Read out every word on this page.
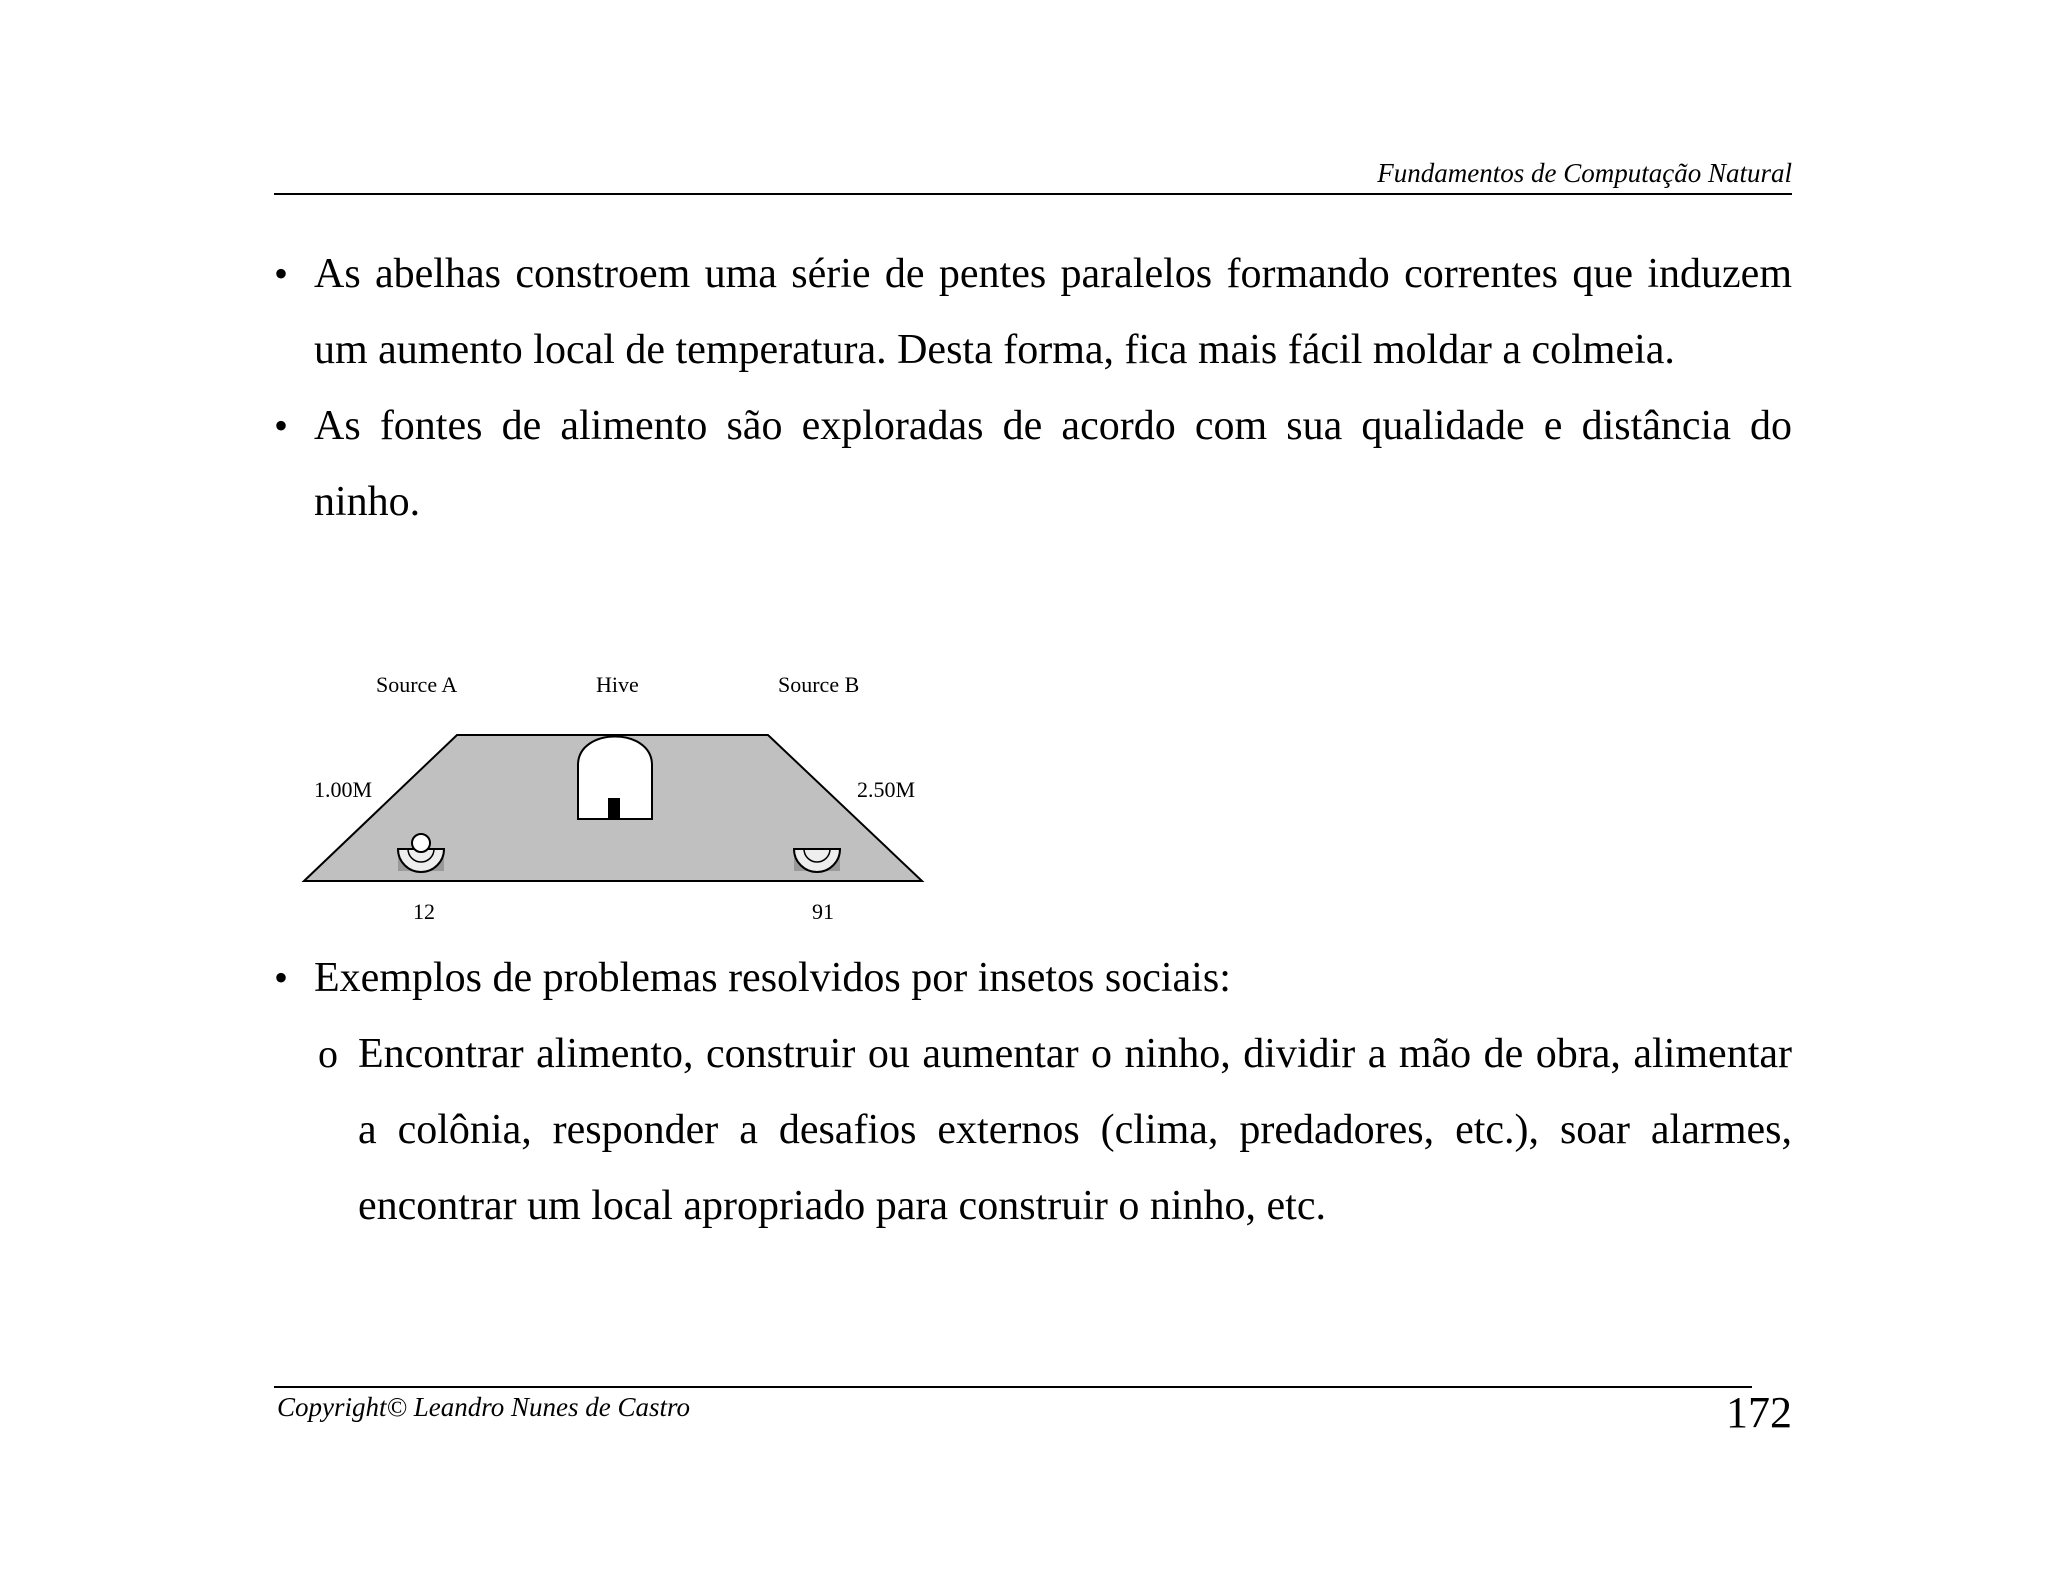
Fundamentos de Computação Natural
• As abelhas constroem uma série de pentes paralelos formando correntes que induzem um aumento local de temperatura. Desta forma, fica mais fácil moldar a colmeia.
• As fontes de alimento são exploradas de acordo com sua qualidade e distância do ninho.
Source A	Hive	Source B
1.00M	2.50M
12	91
• Exemplos de problemas resolvidos por insetos sociais:
o Encontrar alimento, construir ou aumentar o ninho, dividir a mão de obra, alimentar a colônia, responder a desafios externos (clima, predadores, etc.), soar alarmes, encontrar um local apropriado para construir o ninho, etc.
Copyright© Leandro Nunes de Castro	172
